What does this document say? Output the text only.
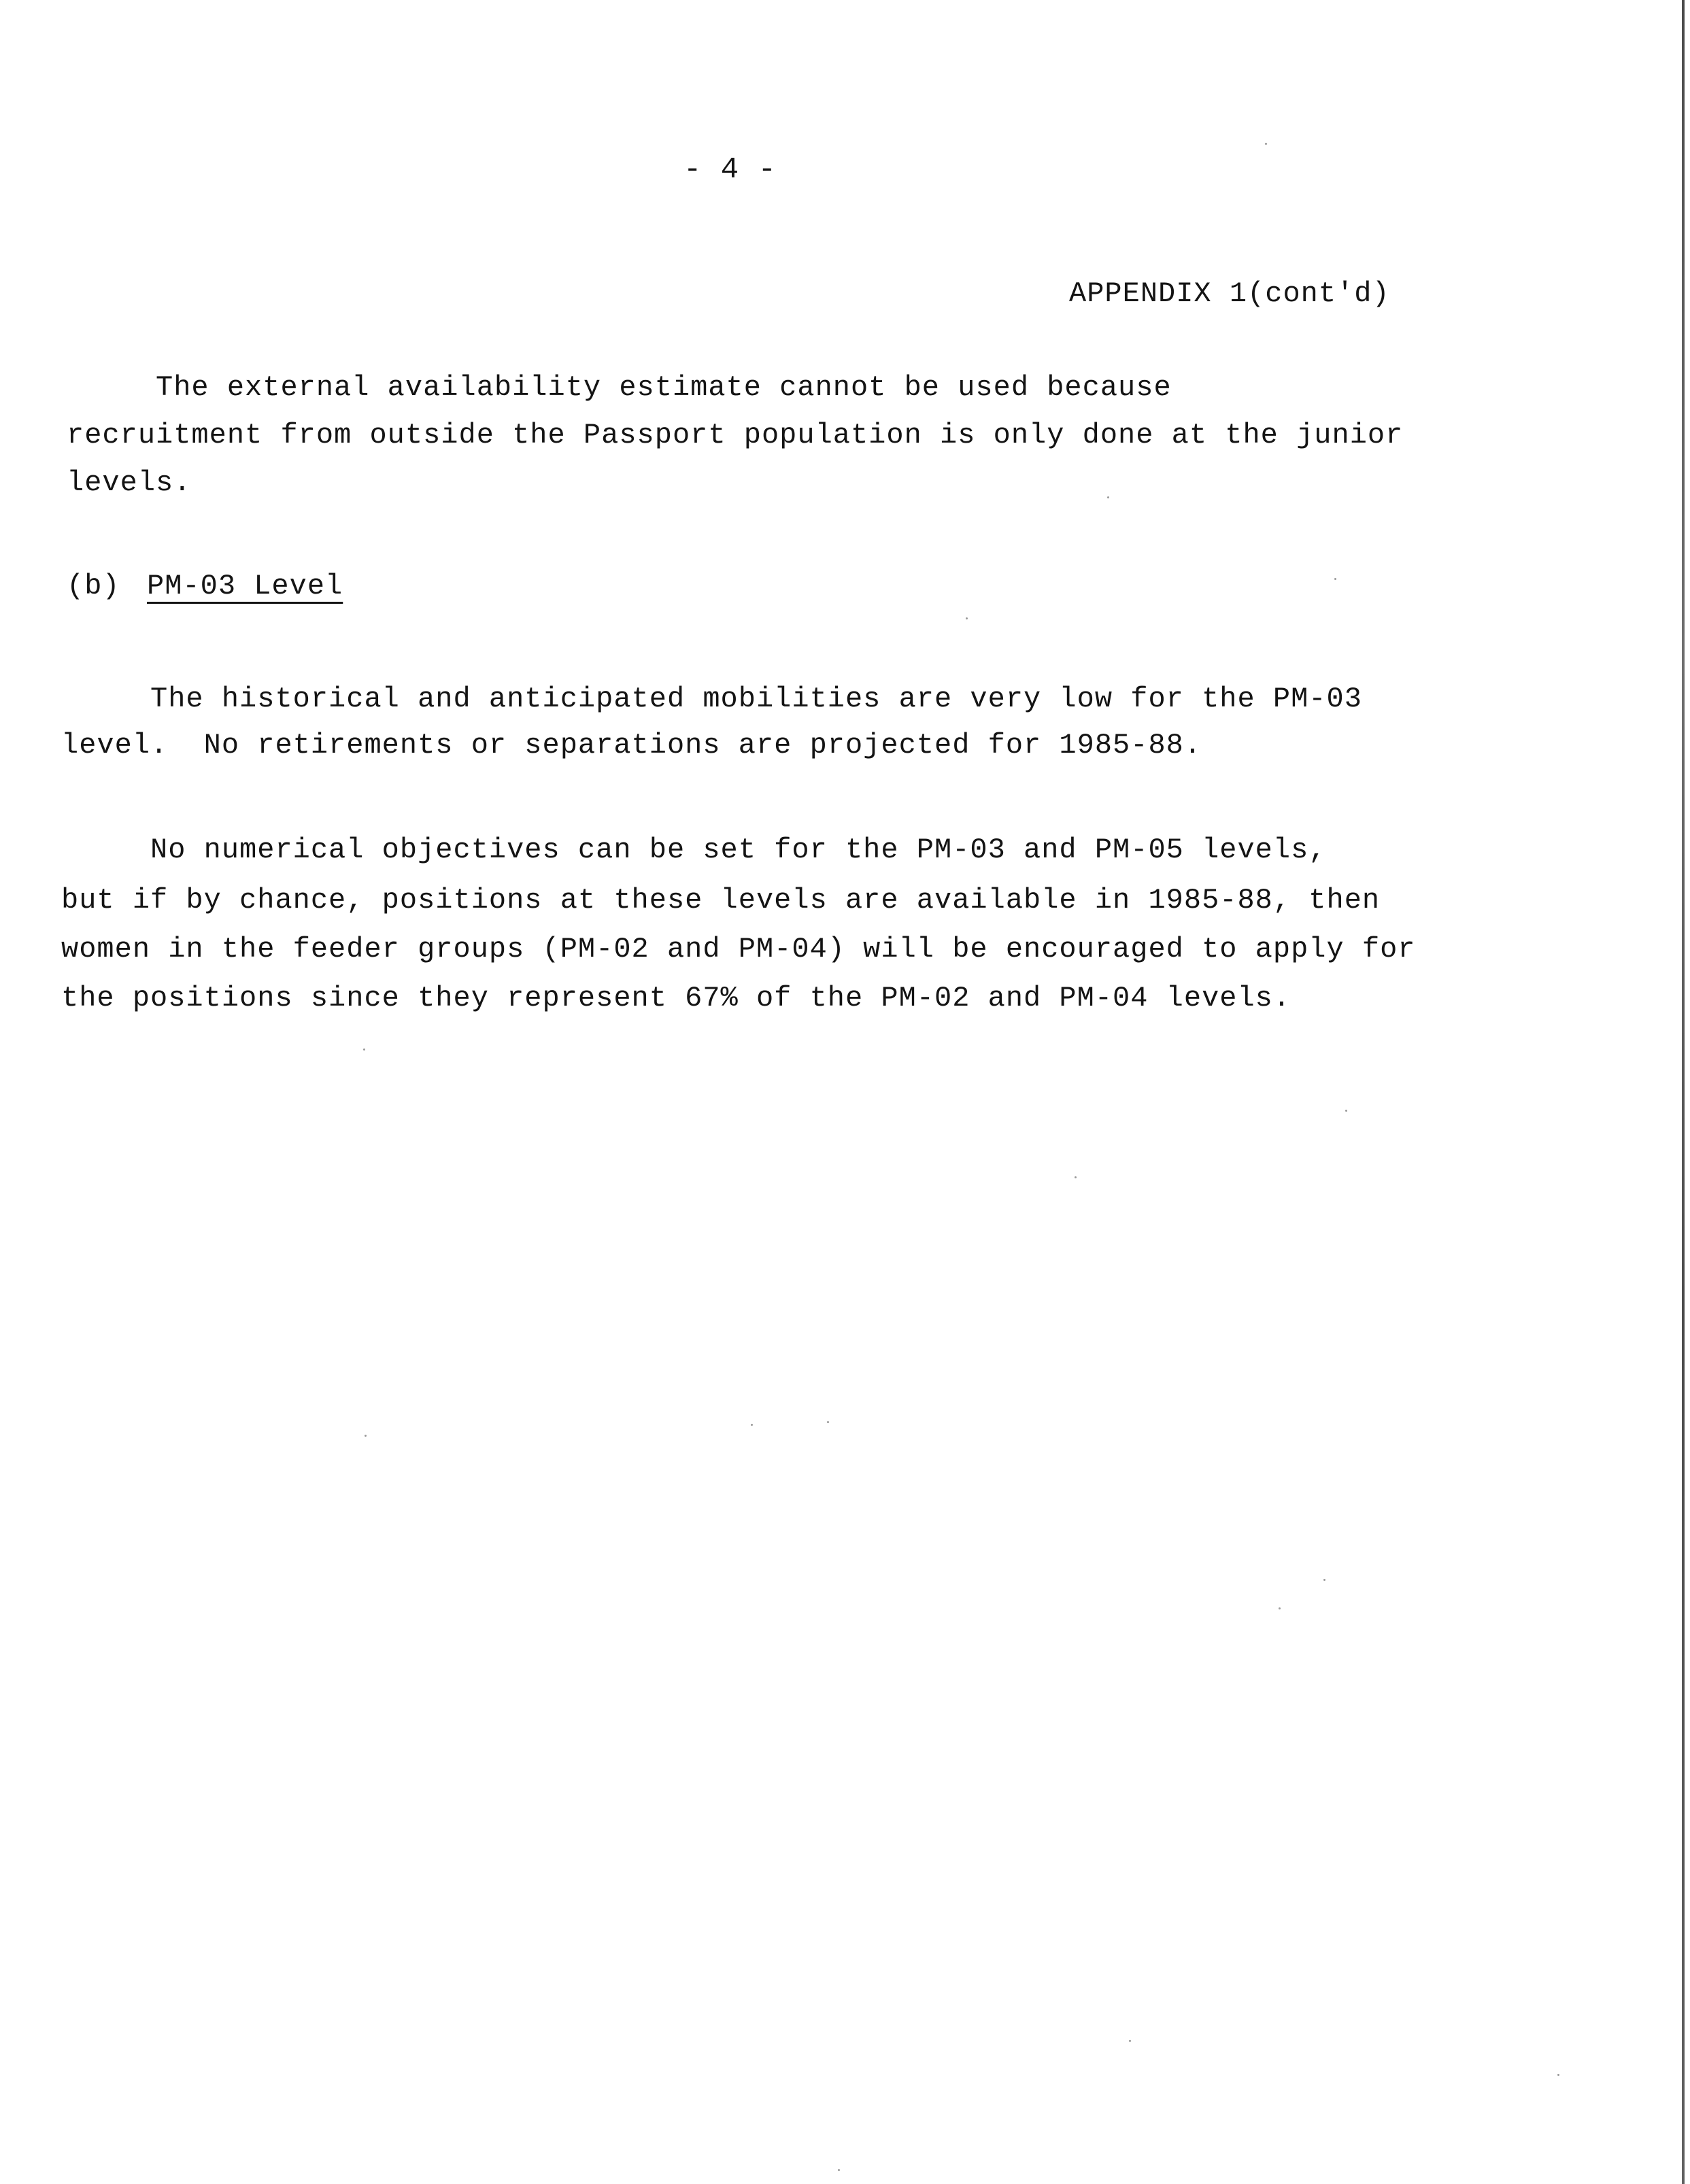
- 4 -
APPENDIX 1(cont'd)
The external availability estimate cannot be used because
recruitment from outside the Passport population is only done at the junior
levels.
(b) PM-03 Level
The historical and anticipated mobilities are very low for the PM-03
level.  No retirements or separations are projected for 1985-88.
No numerical objectives can be set for the PM-03 and PM-05 levels,
but if by chance, positions at these levels are available in 1985-88, then
women in the feeder groups (PM-02 and PM-04) will be encouraged to apply for
the positions since they represent 67% of the PM-02 and PM-04 levels.
